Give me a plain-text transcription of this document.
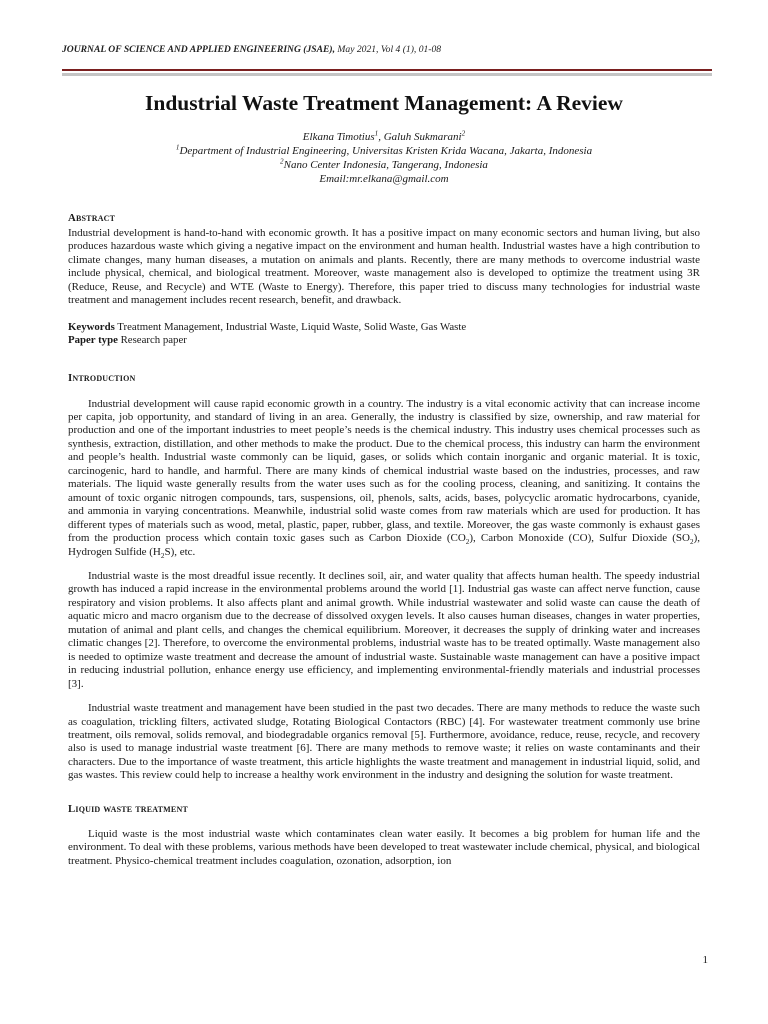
JOURNAL OF SCIENCE AND APPLIED ENGINEERING (JSAE), May 2021, Vol 4 (1), 01-08
Industrial Waste Treatment Management: A Review
Elkana Timotius$^1$, Galuh Sukmarani$^2$
$^1$Department of Industrial Engineering, Universitas Kristen Krida Wacana, Jakarta, Indonesia
$^2$Nano Center Indonesia, Tangerang, Indonesia
Email:mr.elkana@gmail.com
Abstract

Industrial development is hand-to-hand with economic growth. It has a positive impact on many economic sectors and human living, but also produces hazardous waste which giving a negative impact on the environment and human health. Industrial wastes have a high contribution to climate changes, many human diseases, a mutation on animals and plants. Recently, there are many methods to overcome industrial waste include physical, chemical, and biological treatment. Moreover, waste management also is developed to optimize the treatment using 3R (Reduce, Reuse, and Recycle) and WTE (Waste to Energy). Therefore, this paper tried to discuss many technologies for industrial waste treatment and management includes recent research, benefit, and drawback.

Keywords Treatment Management, Industrial Waste, Liquid Waste, Solid Waste, Gas Waste
Paper type Research paper
Introduction

Industrial development will cause rapid economic growth in a country. The industry is a vital economic activity that can increase income per capita, job opportunity, and standard of living in an area. Generally, the industry is classified by size, ownership, and raw material for production and one of the important industries to meet people’s needs is the chemical industry. This industry uses chemical processes such as synthesis, extraction, distillation, and other methods to make the product. Due to the chemical process, this industry can harm the environment and people’s health. Industrial waste commonly can be liquid, gases, or solids which contain inorganic and organic material. It is toxic, carcinogenic, hard to handle, and harmful. There are many kinds of chemical industrial waste based on the industries, processes, and raw materials. The liquid waste generally results from the water uses such as for the cooling process, cleaning, and sanitizing. It contains the amount of toxic organic nitrogen compounds, tars, suspensions, oil, phenols, salts, acids, bases, polycyclic aromatic hydrocarbons, cyanide, and ammonia in varying concentrations. Meanwhile, industrial solid waste comes from raw materials which are used for production. It has different types of materials such as wood, metal, plastic, paper, rubber, glass, and textile. Moreover, the gas waste commonly is exhaust gases from the production process which contain toxic gases such as Carbon Dioxide $(CO_2)$, Carbon Monoxide (CO), Sulfur Dioxide $(SO_2)$, Hydrogen Sulfide $(H_2S)$, etc.

Industrial waste is the most dreadful issue recently. It declines soil, air, and water quality that affects human health. The speedy industrial growth has induced a rapid increase in the environmental problems around the world [1]. Industrial gas waste can affect nerve function, cause respiratory and vision problems. It also affects plant and animal growth. While industrial wastewater and solid waste can cause the death of aquatic micro and macro organism due to the decrease of dissolved oxygen levels. It also causes human diseases, changes in water properties, mutation of animal and plant cells, and changes the chemical equilibrium. Moreover, it decreases the supply of drinking water and increases climatic changes [2]. Therefore, to overcome the environmental problems, industrial waste has to be treated optimally. Waste management also is needed to optimize waste treatment and decrease the amount of industrial waste. Sustainable waste management can have a positive impact in reducing industrial pollution, enhance energy use efficiency, and implementing environmental-friendly materials and industrial processes [3].

Industrial waste treatment and management have been studied in the past two decades. There are many methods to reduce the waste such as coagulation, trickling filters, activated sludge, Rotating Biological Contactors (RBC) [4]. For wastewater treatment commonly use brine treatment, oils removal, solids removal, and biodegradable organics removal [5]. Furthermore, avoidance, reduce, reuse, recycle, and recovery also is used to manage industrial waste treatment [6]. There are many methods to remove waste; it relies on waste contaminants and their characters. Due to the importance of waste treatment, this article highlights the waste treatment and management in industrial liquid, solid, and gas wastes. This review could help to increase a healthy work environment in the industry and designing the solution for waste treatment.

Liquid waste treatment

Liquid waste is the most industrial waste which contaminates clean water easily. It becomes a big problem for human life and the environment. To deal with these problems, various methods have been developed to treat wastewater include chemical, physical, and biological treatment. Physico-chemical treatment includes coagulation, ozonation, adsorption, ion

1
